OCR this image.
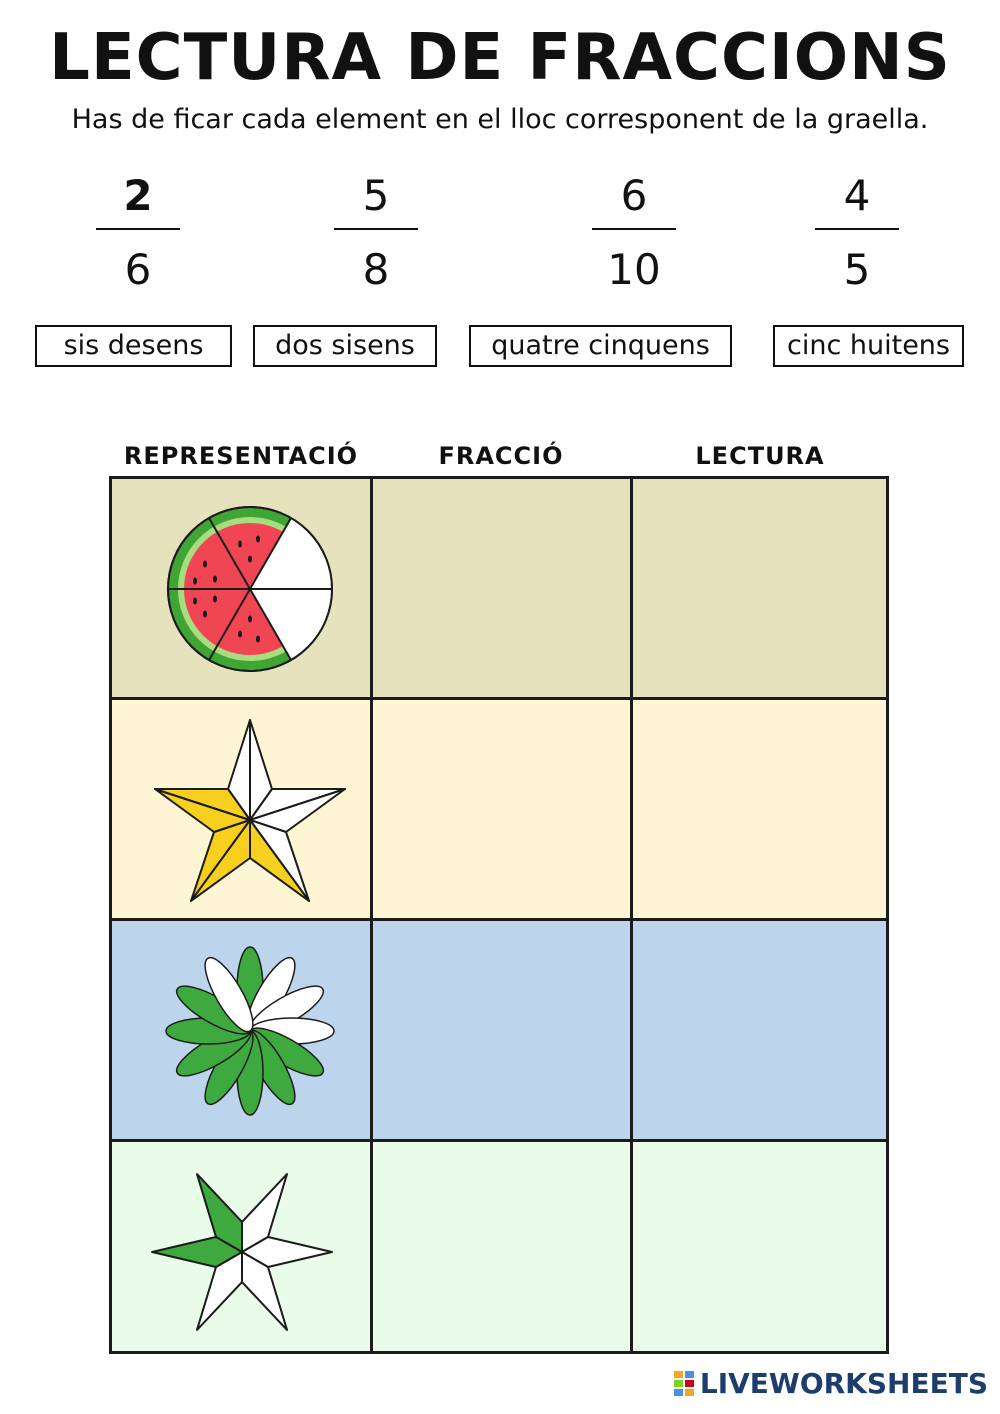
LECTURA DE FRACCIONS
Has de ficar cada element en el lloc corresponent de la graella.
2
6
5
8
6
10
4
5
sis desens	dos sisens	quatre cinquens	cinc huitens
REPRESENTACIÓ	FRACCIÓ	LECTURA
LIVEWORKSHEETS
